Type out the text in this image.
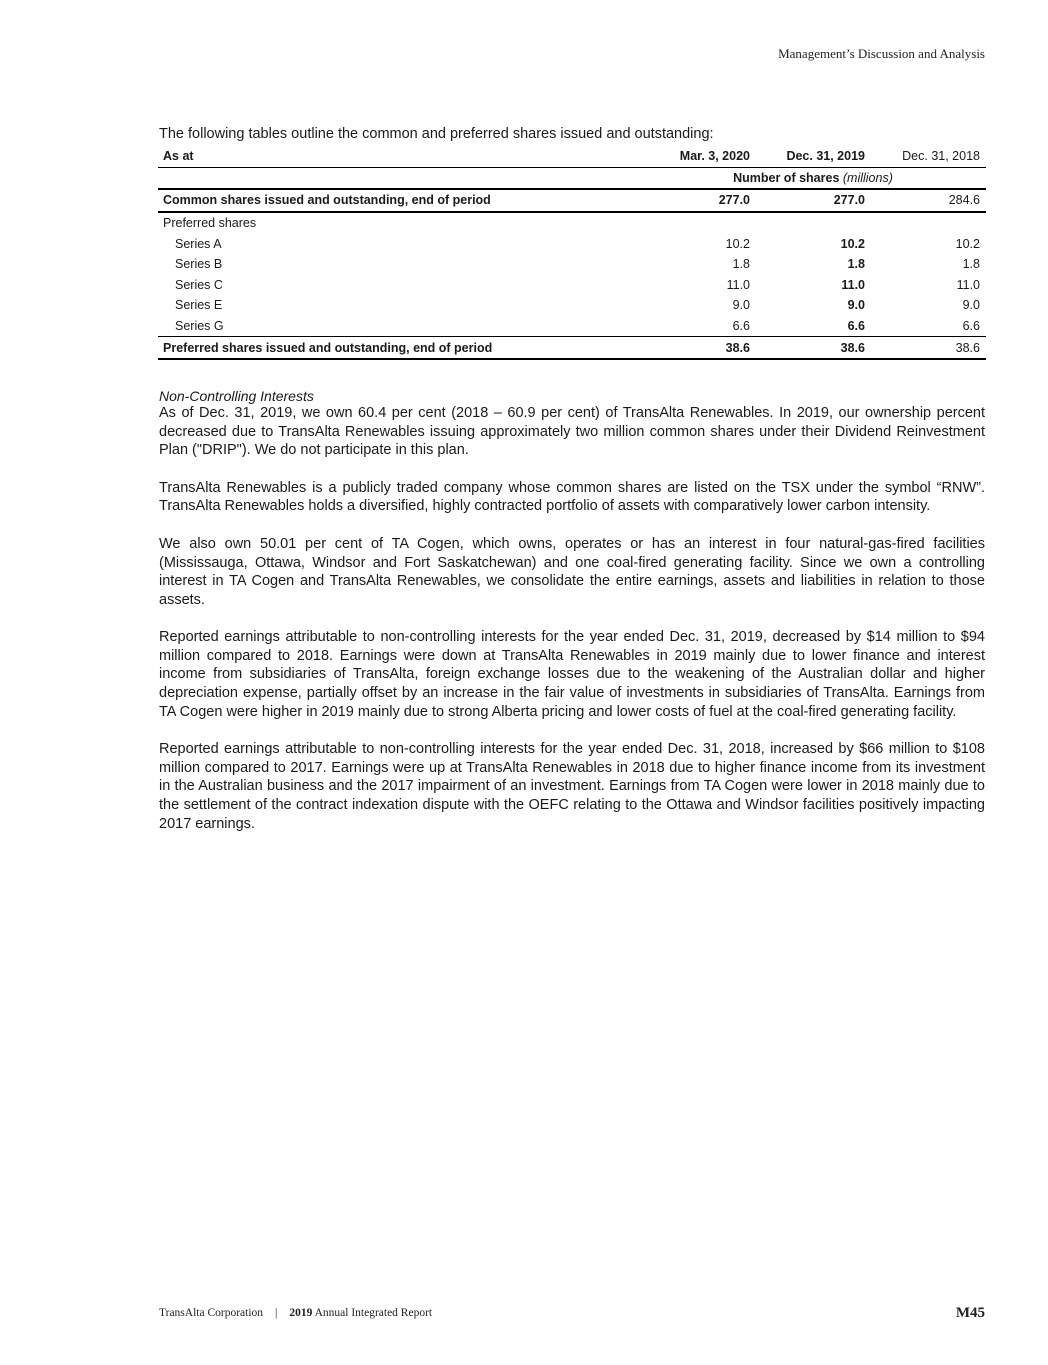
Management’s Discussion and Analysis

The following tables outline the common and preferred shares issued and outstanding:

As at	Mar. 3, 2020	Dec. 31, 2019	Dec. 31, 2018
	Number of shares (millions)		
Common shares issued and outstanding, end of period	277.0	277.0	284.6
Preferred shares			
Series A	10.2	10.2	10.2
Series B	1.8	1.8	1.8
Series C	11.0	11.0	11.0
Series E	9.0	9.0	9.0
Series G	6.6	6.6	6.6
Preferred shares issued and outstanding, end of period	38.6	38.6	38.6

Non-Controlling Interests

As of Dec. 31, 2019, we own 60.4 per cent (2018 – 60.9 per cent) of TransAlta Renewables. In 2019, our ownership percent decreased due to TransAlta Renewables issuing approximately two million common shares under their Dividend Reinvestment Plan ("DRIP"). We do not participate in this plan.

TransAlta Renewables is a publicly traded company whose common shares are listed on the TSX under the symbol “RNW”. TransAlta Renewables holds a diversified, highly contracted portfolio of assets with comparatively lower carbon intensity.

We also own 50.01 per cent of TA Cogen, which owns, operates or has an interest in four natural-gas-fired facilities (Mississauga, Ottawa, Windsor and Fort Saskatchewan) and one coal-fired generating facility. Since we own a controlling interest in TA Cogen and TransAlta Renewables, we consolidate the entire earnings, assets and liabilities in relation to those assets.

Reported earnings attributable to non-controlling interests for the year ended Dec. 31, 2019, decreased by $14 million to $94 million compared to 2018. Earnings were down at TransAlta Renewables in 2019 mainly due to lower finance and interest income from subsidiaries of TransAlta, foreign exchange losses due to the weakening of the Australian dollar and higher depreciation expense, partially offset by an increase in the fair value of investments in subsidiaries of TransAlta. Earnings from TA Cogen were higher in 2019 mainly due to strong Alberta pricing and lower costs of fuel at the coal-fired generating facility.

Reported earnings attributable to non-controlling interests for the year ended Dec. 31, 2018, increased by $66 million to $108 million compared to 2017. Earnings were up at TransAlta Renewables in 2018 due to higher finance income from its investment in the Australian business and the 2017 impairment of an investment. Earnings from TA Cogen were lower in 2018 mainly due to the settlement of the contract indexation dispute with the OEFC relating to the Ottawa and Windsor facilities positively impacting 2017 earnings.

TransAlta Corporation | 2019 Annual Integrated Report	M45
